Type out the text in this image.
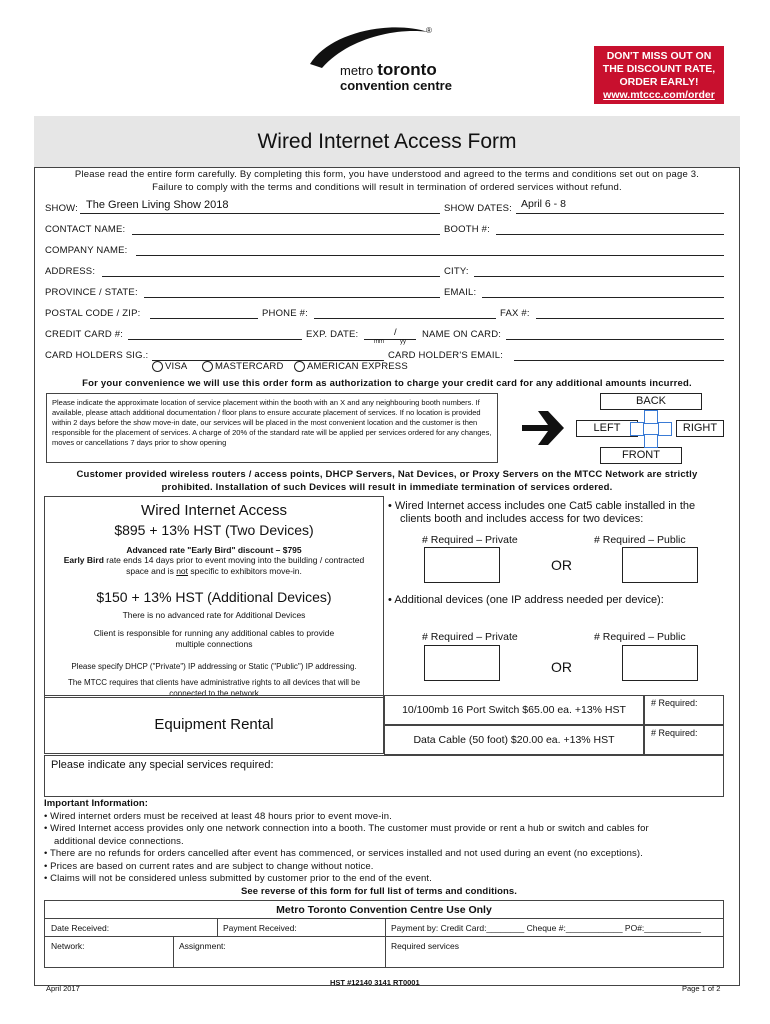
®
metro toronto
convention centre
DON'T MISS OUT ON
THE DISCOUNT RATE,
ORDER EARLY!
www.mtccc.com/order
Wired Internet Access Form
Please read the entire form carefully. By completing this form, you have understood and agreed to the terms and conditions set out on page 3.
Failure to comply with the terms and conditions will result in termination of ordered services without refund.
SHOW: The Green Living Show 2018	SHOW DATES: April 6 - 8
CONTACT NAME:	BOOTH #:
COMPANY NAME:
ADDRESS:	CITY:
PROVINCE / STATE:	EMAIL:
POSTAL CODE / ZIP:	PHONE #:	FAX #:
CREDIT CARD #:	EXP. DATE:	/
mm	yy
NAME ON CARD:
CARD HOLDERS SIG.:	CARD HOLDER'S EMAIL:
VISA	MASTERCARD	AMERICAN EXPRESS
For your convenience we will use this order form as authorization to charge your credit card for any additional amounts incurred.
Please indicate the approximate location of service placement within the booth with an X and any neighbouring booth numbers. If available, please attach additional documentation / floor plans to ensure accurate placement of services. If no location is provided within 2 days before the show move-in date, our services will be placed in the most convenient location and the customer is then responsible for the placement of services. A charge of 20% of the standard rate will be applied per services ordered for any changes, moves or cancellations 7 days prior to show opening
BACK
LEFT	RIGHT
FRONT
Customer provided wireless routers / access points, DHCP Servers, Nat Devices, or Proxy Servers on the MTCC Network are strictly
prohibited. Installation of such Devices will result in immediate termination of services ordered.
Wired Internet Access
$895 + 13% HST (Two Devices)
Advanced rate "Early Bird" discount – $795
Early Bird rate ends 14 days prior to event moving into the building / contracted
space and is not specific to exhibitors move-in.
$150 + 13% HST (Additional Devices)
There is no advanced rate for Additional Devices
Client is responsible for running any additional cables to provide
multiple connections
Please specify DHCP ("Private") IP addressing or Static ("Public") IP addressing.
The MTCC requires that clients have administrative rights to all devices that will be
connected to the network
• Wired Internet access includes one Cat5 cable installed in the
clients booth and includes access for two devices:
# Required – Private	# Required – Public
OR
• Additional devices (one IP address needed per device):
# Required – Private	# Required – Public
OR
Equipment Rental
10/100mb 16 Port Switch $65.00 ea. +13% HST
# Required:
Data Cable (50 foot) $20.00 ea. +13% HST
# Required:
Please indicate any special services required:
Important Information:
• Wired internet orders must be received at least 48 hours prior to event move-in.
• Wired Internet access provides only one network connection into a booth. The customer must provide or rent a hub or switch and cables for
additional device connections.
• There are no refunds for orders cancelled after event has commenced, or services installed and not used during an event (no exceptions).
• Prices are based on current rates and are subject to change without notice.
• Claims will not be considered unless submitted by customer prior to the end of the event.
See reverse of this form for full list of terms and conditions.
Metro Toronto Convention Centre Use Only
Date Received:	Payment Received:	Payment by: Credit Card:________ Cheque #:____________ PO#:____________
Network:	Assignment:	Required services
April 2017
HST #12140 3141 RT0001
Page 1 of 2
